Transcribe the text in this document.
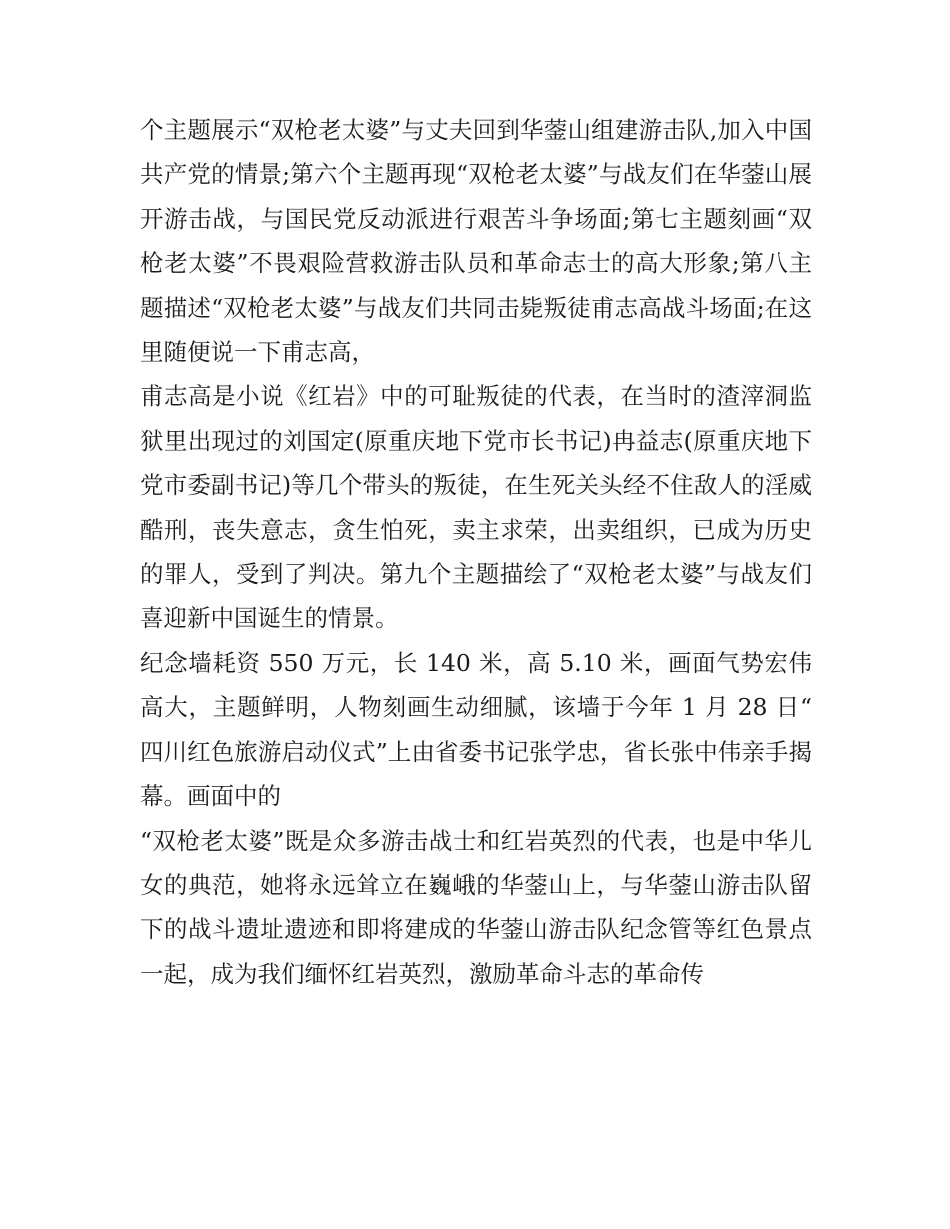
个主题展示“双枪老太婆”与丈夫回到华蓥山组建游击队,加入中国共产党的情景;第六个主题再现“双枪老太婆”与战友们在华蓥山展开游击战，与国民党反动派进行艰苦斗争场面;第七主题刻画“双枪老太婆”不畏艰险营救游击队员和革命志士的高大形象;第八主题描述“双枪老太婆”与战友们共同击毙叛徒甫志高战斗场面;在这里随便说一下甫志高，

甫志高是小说《红岩》中的可耻叛徒的代表，在当时的渣滓洞监狱里出现过的刘国定(原重庆地下党市长书记)冉益志(原重庆地下党市委副书记)等几个带头的叛徒，在生死关头经不住敌人的淫威酷刑，丧失意志，贪生怕死，卖主求荣，出卖组织，已成为历史的罪人，受到了判决。第九个主题描绘了“双枪老太婆”与战友们喜迎新中国诞生的情景。

纪念墙耗资 550 万元，长 140 米，高 5.10 米，画面气势宏伟高大，主题鲜明，人物刻画生动细腻，该墙于今年 1 月 28 日“四川红色旅游启动仪式”上由省委书记张学忠，省长张中伟亲手揭幕。画面中的

“双枪老太婆”既是众多游击战士和红岩英烈的代表，也是中华儿女的典范，她将永远耸立在巍峨的华蓥山上，与华蓥山游击队留下的战斗遗址遗迹和即将建成的华蓥山游击队纪念管等红色景点一起，成为我们缅怀红岩英烈，激励革命斗志的革命传
